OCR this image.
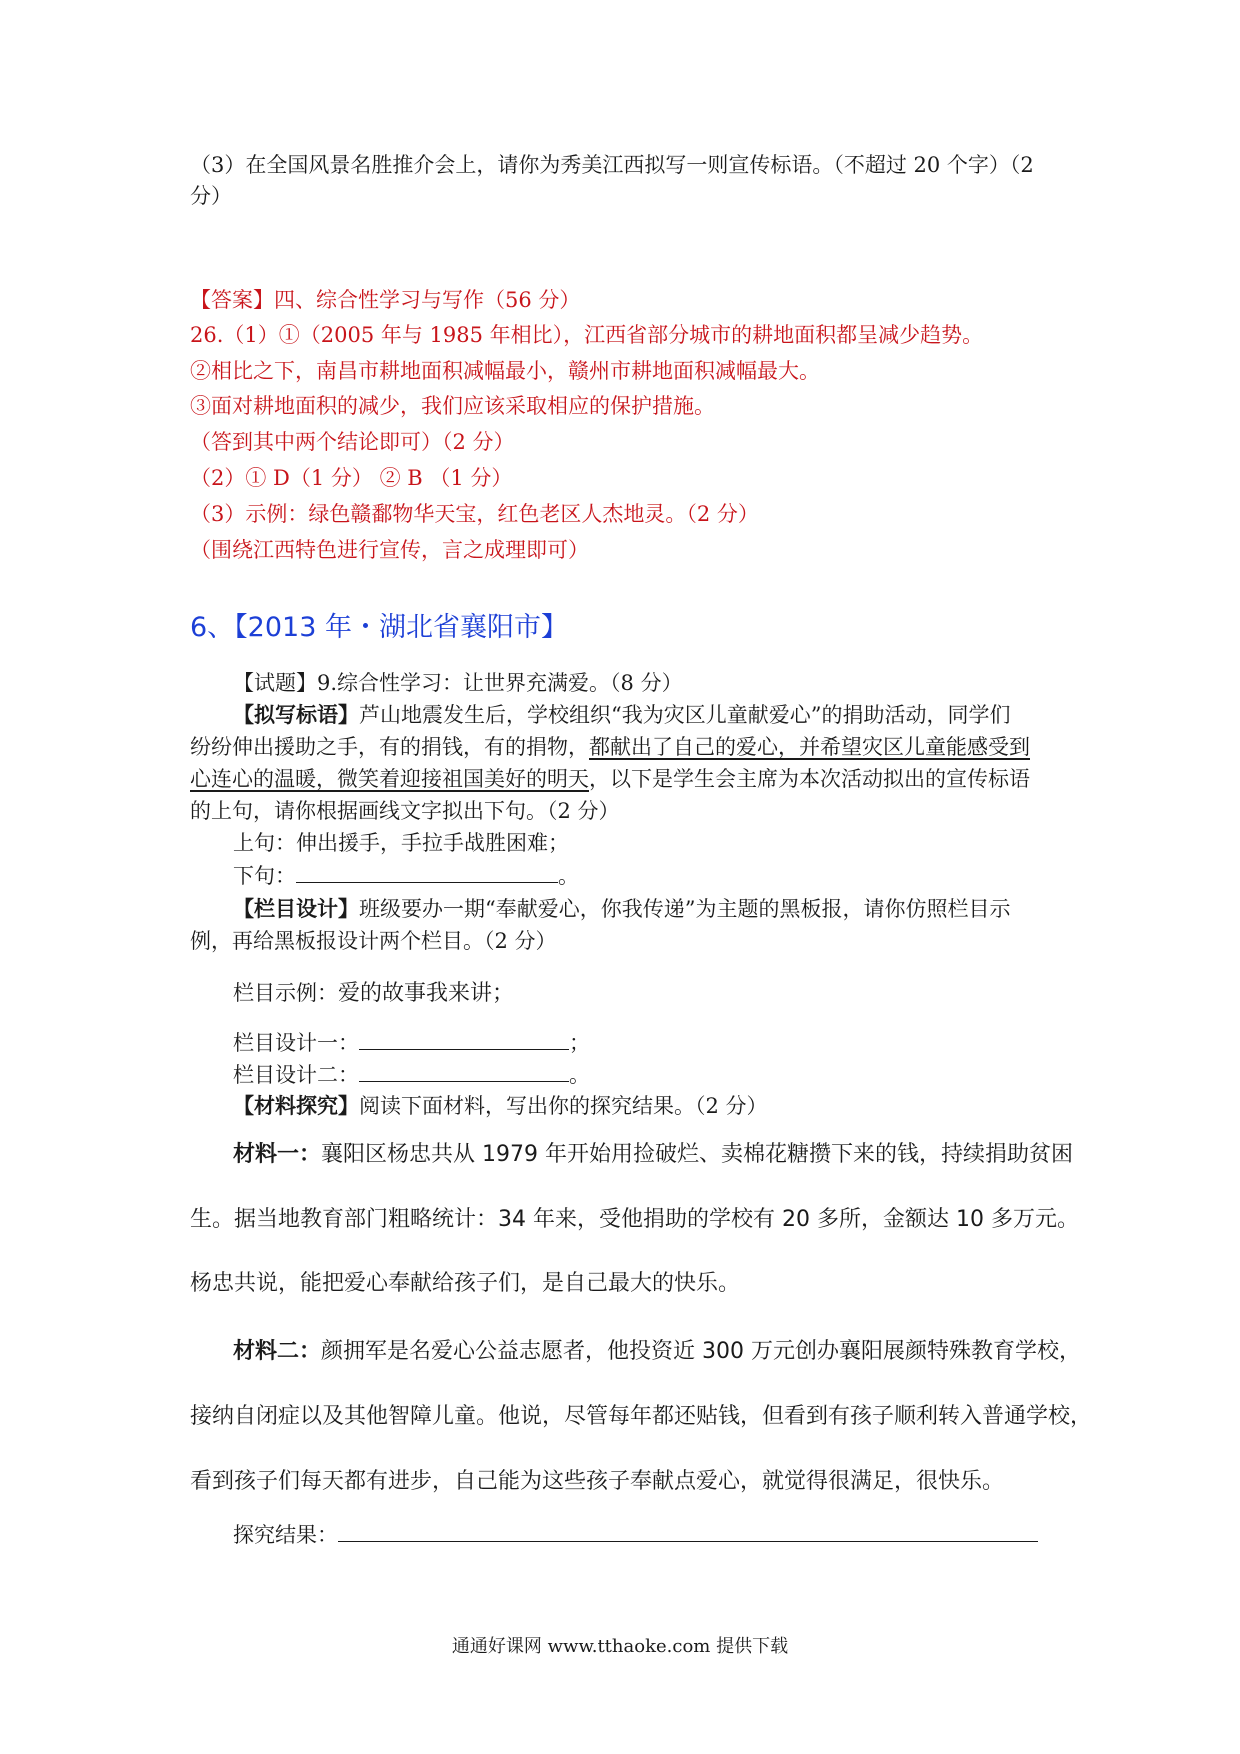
（3）在全国风景名胜推介会上，请你为秀美江西拟写一则宣传标语。（不超过 20 个字）（2
分）
【答案】四、综合性学习与写作（56 分）
26.（1）①（2005 年与 1985 年相比），江西省部分城市的耕地面积都呈减少趋势。
②相比之下，南昌市耕地面积减幅最小，赣州市耕地面积减幅最大。
③面对耕地面积的减少，我们应该采取相应的保护措施。
（答到其中两个结论即可）（2 分）
（2）① D（1 分） ② B （1 分）
（3）示例：绿色赣鄱物华天宝，红色老区人杰地灵。（2 分）
（围绕江西特色进行宣传，言之成理即可）
6、【2013 年・湖北省襄阳市】
【试题】9.综合性学习：让世界充满爱。（8 分）
【拟写标语】芦山地震发生后，学校组织“我为灾区儿童献爱心”的捐助活动，同学们
纷纷伸出援助之手，有的捐钱，有的捐物，都献出了自己的爱心，并希望灾区儿童能感受到
心连心的温暖，微笑着迎接祖国美好的明天，以下是学生会主席为本次活动拟出的宣传标语
的上句，请你根据画线文字拟出下句。（2 分）
上句：伸出援手，手拉手战胜困难；
下句：	。
【栏目设计】班级要办一期“奉献爱心，你我传递”为主题的黑板报，请你仿照栏目示
例，再给黑板报设计两个栏目。（2 分）
栏目示例：爱的故事我来讲；
栏目设计一：	；
栏目设计二：	。
【材料探究】阅读下面材料，写出你的探究结果。（2 分）
材料一：襄阳区杨忠共从 1979 年开始用捡破烂、卖棉花糖攒下来的钱，持续捐助贫困
生。据当地教育部门粗略统计：34 年来，受他捐助的学校有 20 多所，金额达 10 多万元。
杨忠共说，能把爱心奉献给孩子们，是自己最大的快乐。
材料二：颜拥军是名爱心公益志愿者，他投资近 300 万元创办襄阳展颜特殊教育学校，
接纳自闭症以及其他智障儿童。他说，尽管每年都还贴钱，但看到有孩子顺利转入普通学校，
看到孩子们每天都有进步，自己能为这些孩子奉献点爱心，就觉得很满足，很快乐。
探究结果：
通通好课网 www.tthaoke.com 提供下载
